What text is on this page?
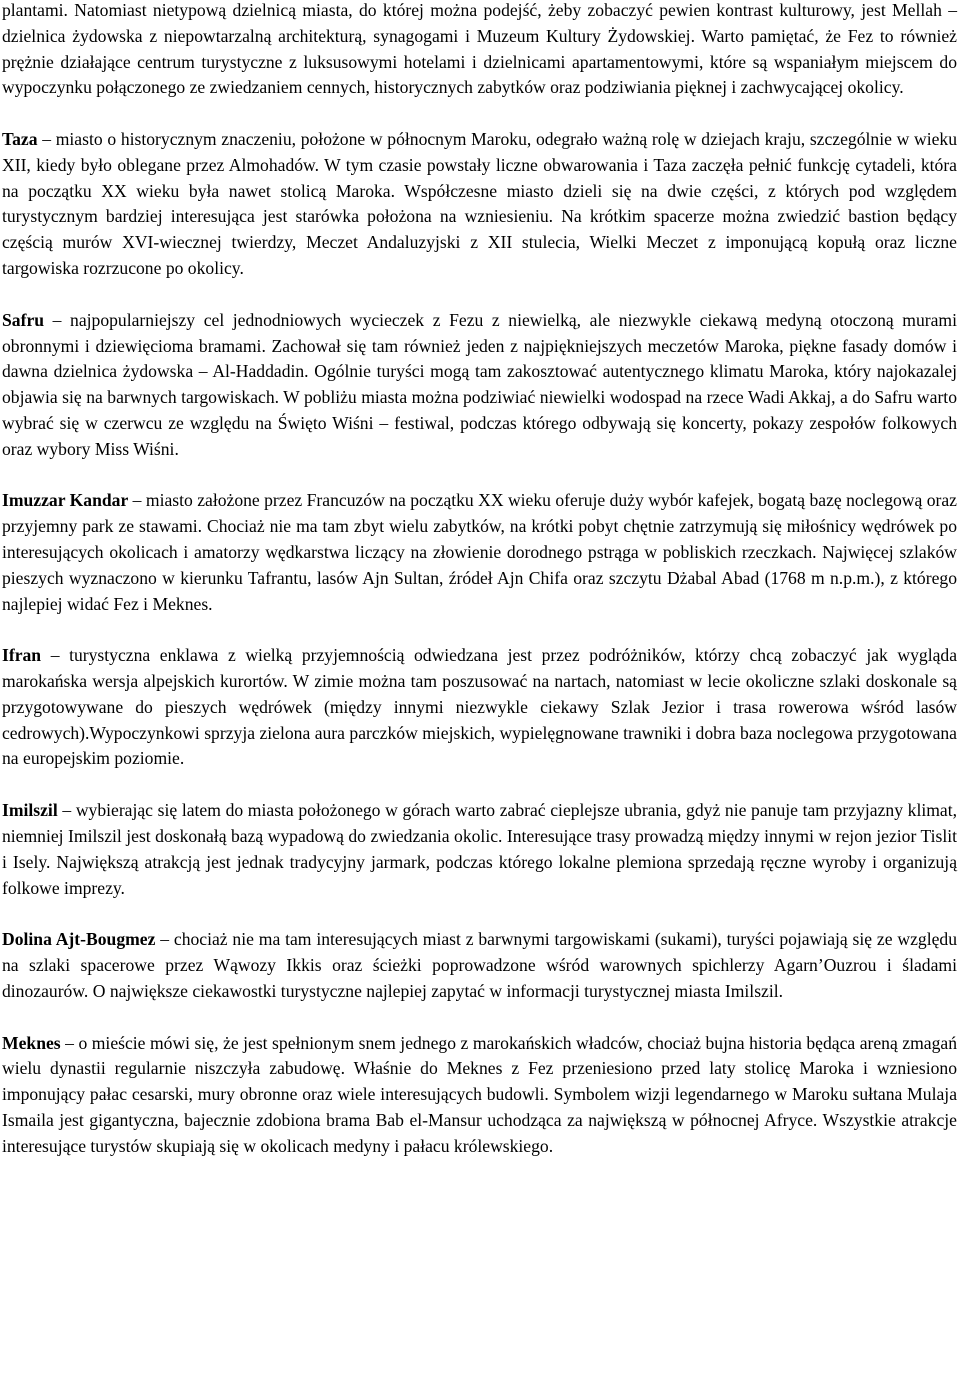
plantami. Natomiast nietypową dzielnicą miasta, do której można podejść, żeby zobaczyć pewien kontrast kulturowy, jest Mellah – dzielnica żydowska z niepowtarzalną architekturą, synagogami i Muzeum Kultury Żydowskiej. Warto pamiętać, że Fez to również prężnie działające centrum turystyczne z luksusowymi hotelami i dzielnicami apartamentowymi, które są wspaniałym miejscem do wypoczynku połączonego ze zwiedzaniem cennych, historycznych zabytków oraz podziwiania pięknej i zachwycającej okolicy.

Taza – miasto o historycznym znaczeniu, położone w północnym Maroku, odegrało ważną rolę w dziejach kraju, szczególnie w wieku XII, kiedy było oblegane przez Almohadów. W tym czasie powstały liczne obwarowania i Taza zaczęła pełnić funkcję cytadeli, która na początku XX wieku była nawet stolicą Maroka. Współczesne miasto dzieli się na dwie części, z których pod względem turystycznym bardziej interesująca jest starówka położona na wzniesieniu. Na krótkim spacerze można zwiedzić bastion będący częścią murów XVI-wiecznej twierdzy, Meczet Andaluzyjski z XII stulecia, Wielki Meczet z imponującą kopułą oraz liczne targowiska rozrzucone po okolicy.

Safru – najpopularniejszy cel jednodniowych wycieczek z Fezu z niewielką, ale niezwykle ciekawą medyną otoczoną murami obronnymi i dziewięcioma bramami. Zachował się tam również jeden z najpiękniejszych meczetów Maroka, piękne fasady domów i dawna dzielnica żydowska – Al-Haddadin. Ogólnie turyści mogą tam zakosztować autentycznego klimatu Maroka, który najokazalej objawia się na barwnych targowiskach. W pobliżu miasta można podziwiać niewielki wodospad na rzece Wadi Akkaj, a do Safru warto wybrać się w czerwcu ze względu na Święto Wiśni – festiwal, podczas którego odbywają się koncerty, pokazy zespołów folkowych oraz wybory Miss Wiśni.

Imuzzar Kandar – miasto założone przez Francuzów na początku XX wieku oferuje duży wybór kafejek, bogatą bazę noclegową oraz przyjemny park ze stawami. Chociaż nie ma tam zbyt wielu zabytków, na krótki pobyt chętnie zatrzymują się miłośnicy wędrówek po interesujących okolicach i amatorzy wędkarstwa liczący na złowienie dorodnego pstrąga w pobliskich rzeczkach. Najwięcej szlaków pieszych wyznaczono w kierunku Tafrantu, lasów Ajn Sultan, źródeł Ajn Chifa oraz szczytu Dżabal Abad (1768 m n.p.m.), z którego najlepiej widać Fez i Meknes.

Ifran – turystyczna enklawa z wielką przyjemnością odwiedzana jest przez podróżników, którzy chcą zobaczyć jak wygląda marokańska wersja alpejskich kurortów. W zimie można tam poszusować na nartach, natomiast w lecie okoliczne szlaki doskonale są przygotowywane do pieszych wędrówek (między innymi niezwykle ciekawy Szlak Jezior i trasa rowerowa wśród lasów cedrowych).Wypoczynkowi sprzyja zielona aura parczków miejskich, wypielęgnowane trawniki i dobra baza noclegowa przygotowana na europejskim poziomie.

Imilszil – wybierając się latem do miasta położonego w górach warto zabrać cieplejsze ubrania, gdyż nie panuje tam przyjazny klimat, niemniej Imilszil jest doskonałą bazą wypadową do zwiedzania okolic. Interesujące trasy prowadzą między innymi w rejon jezior Tislit i Isely. Największą atrakcją jest jednak tradycyjny jarmark, podczas którego lokalne plemiona sprzedają ręczne wyroby i organizują folkowe imprezy.

Dolina Ajt-Bougmez – chociaż nie ma tam interesujących miast z barwnymi targowiskami (sukami), turyści pojawiają się ze względu na szlaki spacerowe przez Wąwozy Ikkis oraz ścieżki poprowadzone wśród warownych spichlerzy Agarn’Ouzrou i śladami dinozaurów. O największe ciekawostki turystyczne najlepiej zapytać w informacji turystycznej miasta Imilszil.

Meknes – o mieście mówi się, że jest spełnionym snem jednego z marokańskich władców, chociaż bujna historia będąca areną zmagań wielu dynastii regularnie niszczyła zabudowę. Właśnie do Meknes z Fez przeniesiono przed laty stolicę Maroka i wzniesiono imponujący pałac cesarski, mury obronne oraz wiele interesujących budowli. Symbolem wizji legendarnego w Maroku sułtana Mulaja Ismaila jest gigantyczna, bajecznie zdobiona brama Bab el-Mansur uchodząca za największą w północnej Afryce. Wszystkie atrakcje interesujące turystów skupiają się w okolicach medyny i pałacu królewskiego.
